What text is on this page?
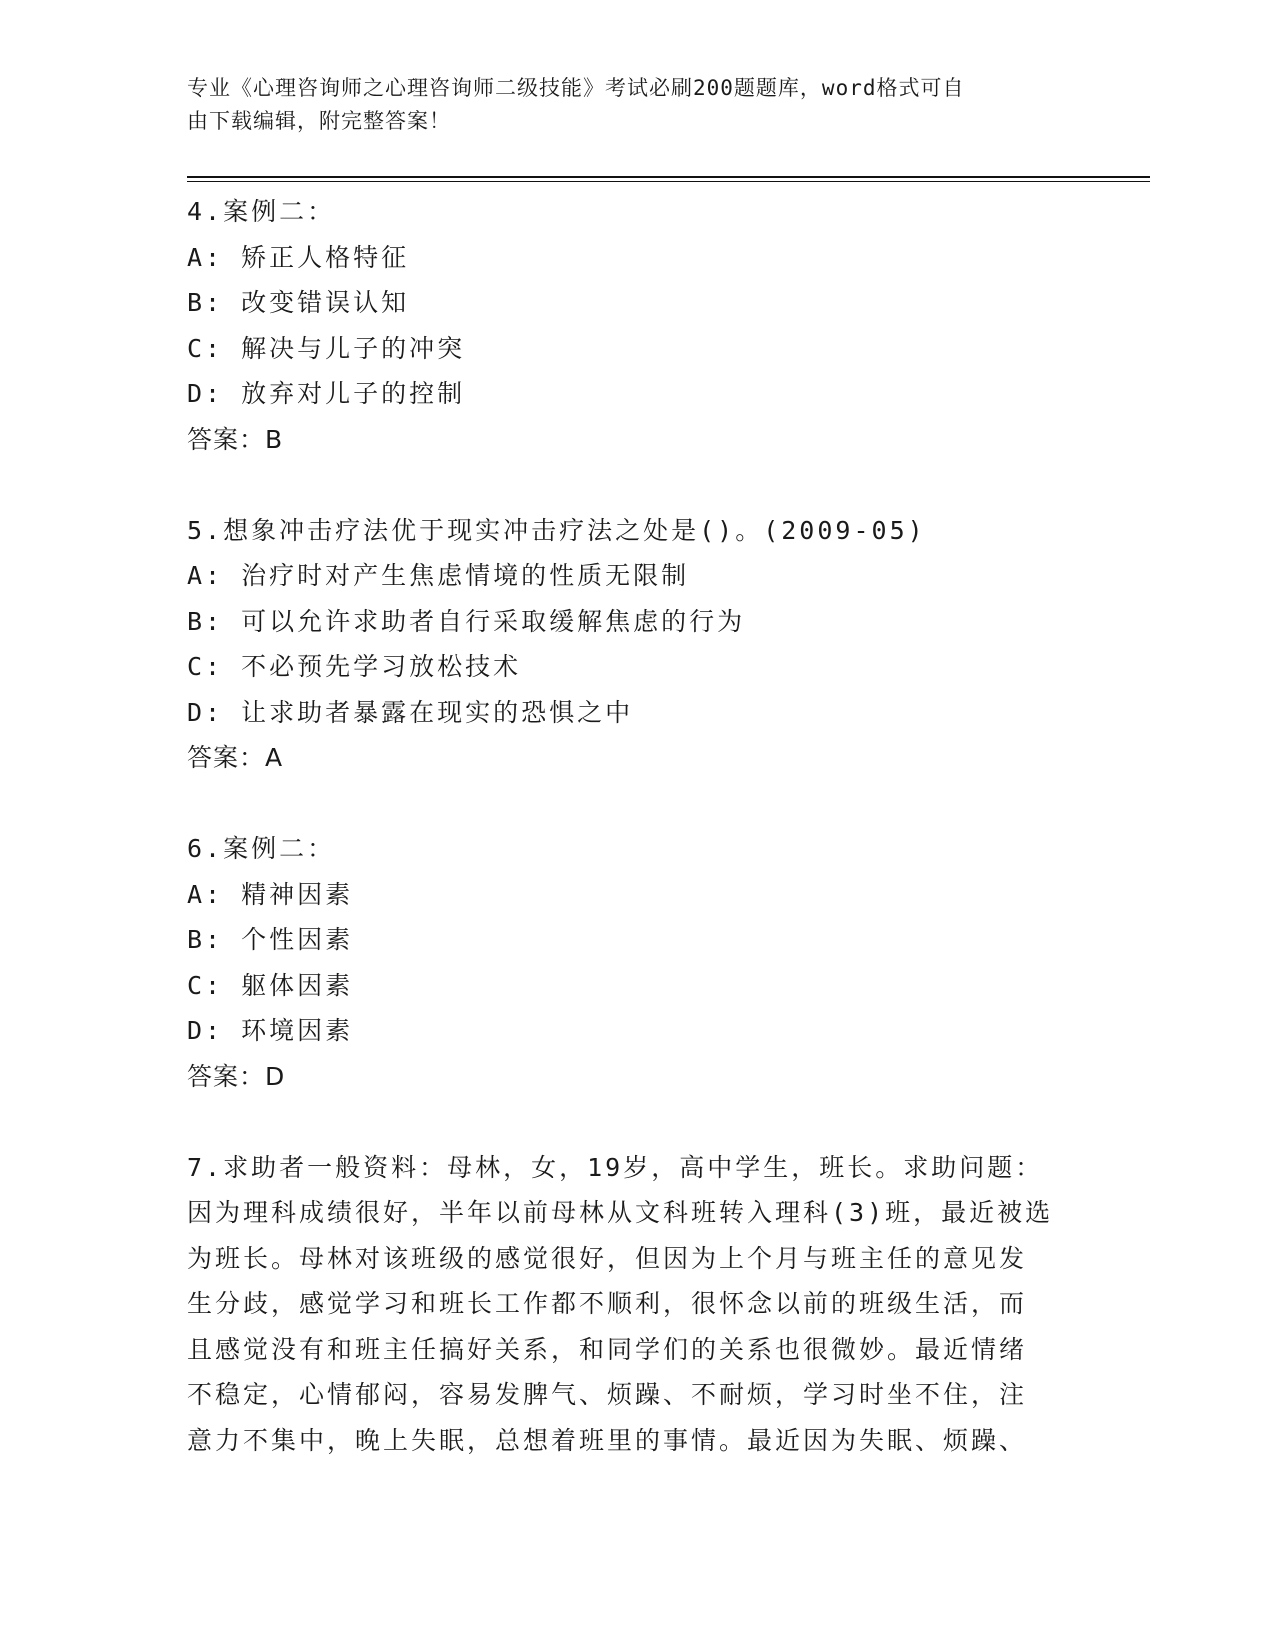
专业《心理咨询师之心理咨询师二级技能》考试必刷200题题库，word格式可自
由下载编辑，附完整答案！
4.案例二：
A: 矫正人格特征
B: 改变错误认知
C: 解决与儿子的冲突
D: 放弃对儿子的控制
答案：B
5.想象冲击疗法优于现实冲击疗法之处是()。(2009-05)
A: 治疗时对产生焦虑情境的性质无限制
B: 可以允许求助者自行采取缓解焦虑的行为
C: 不必预先学习放松技术
D: 让求助者暴露在现实的恐惧之中
答案：A
6.案例二：
A: 精神因素
B: 个性因素
C: 躯体因素
D: 环境因素
答案：D
7.求助者一般资料：母林，女，19岁，高中学生，班长。求助问题：
因为理科成绩很好，半年以前母林从文科班转入理科(3)班，最近被选
为班长。母林对该班级的感觉很好，但因为上个月与班主任的意见发
生分歧，感觉学习和班长工作都不顺利，很怀念以前的班级生活，而
且感觉没有和班主任搞好关系，和同学们的关系也很微妙。最近情绪
不稳定，心情郁闷，容易发脾气、烦躁、不耐烦，学习时坐不住，注
意力不集中，晚上失眠，总想着班里的事情。最近因为失眠、烦躁、
